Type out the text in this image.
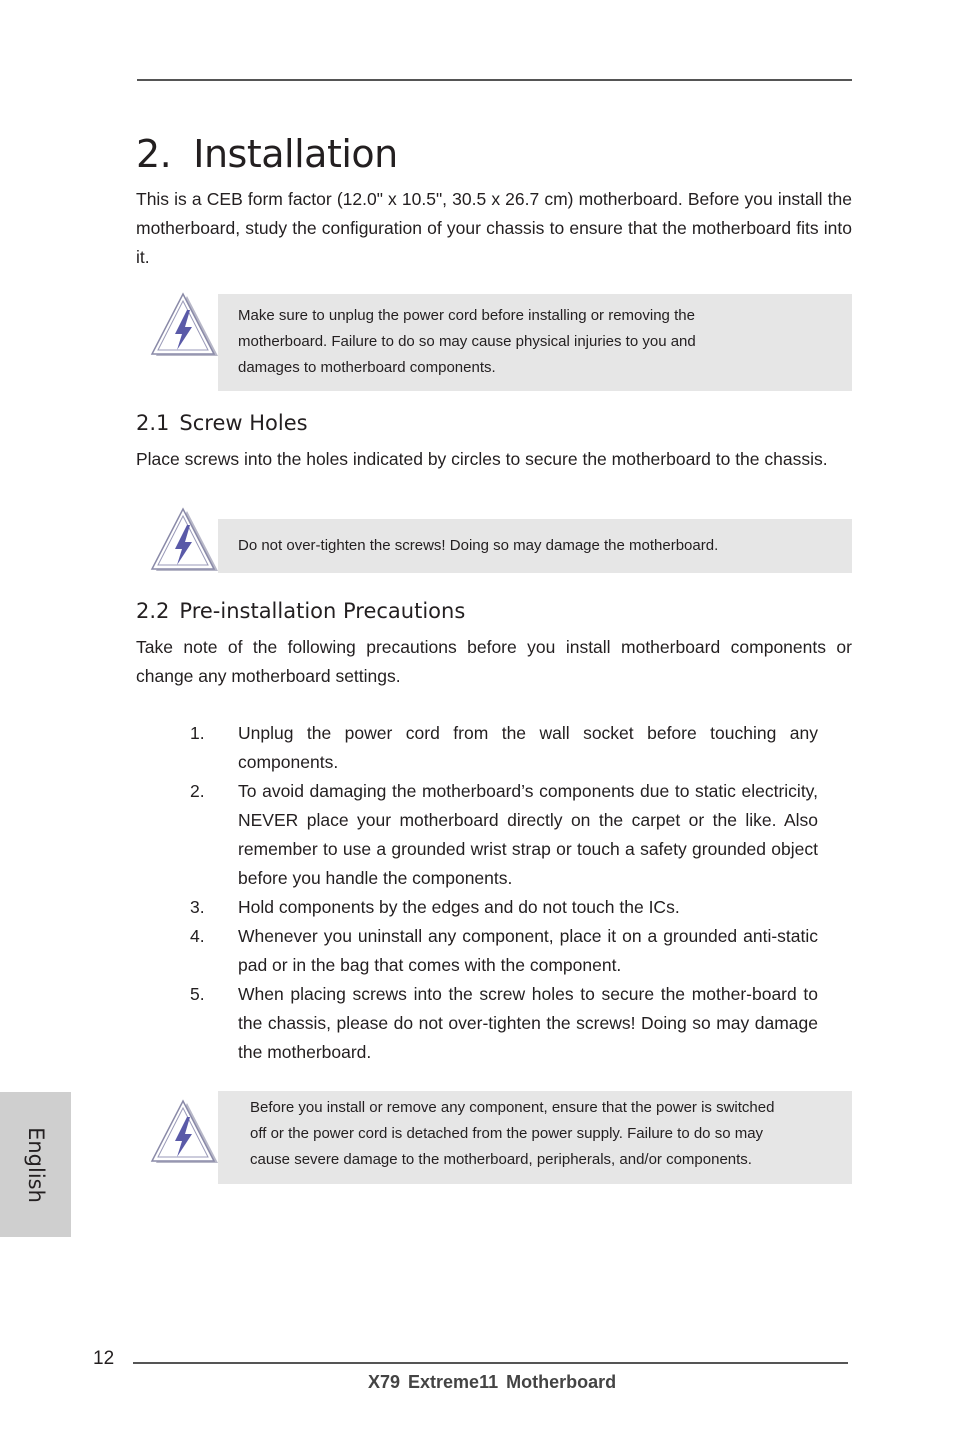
2. Installation

This is a CEB form factor (12.0" x 10.5", 30.5 x 26.7 cm) motherboard. Before you install the motherboard, study the configuration of your chassis to ensure that the motherboard fits into it.

Make sure to unplug the power cord before installing or removing the

motherboard. Failure to do so may cause physical injuries to you and

damages to motherboard components.

2.1 Screw Holes

Place screws into the holes indicated by circles to secure the motherboard to the chassis.

Do not over-tighten the screws! Doing so may damage the motherboard.

2.2 Pre-installation Precautions

Take note of the following precautions before you install motherboard components or change any motherboard settings.

1.	Unplug the power cord from the wall socket before touching any components.
2.	To avoid damaging the motherboard’s components due to static electricity, NEVER place your motherboard directly on the carpet or the like. Also remember to use a grounded wrist strap or touch a safety grounded object before you handle the components.
3.	Hold components by the edges and do not touch the ICs.
4.	Whenever you uninstall any component, place it on a grounded anti-static pad or in the bag that comes with the component.
5.	When placing screws into the screw holes to secure the mother-board to the chassis, please do not over-tighten the screws! Doing so may damage the motherboard.

Before you install or remove any component, ensure that the power is switched

off or the power cord is detached from the power supply. Failure to do so may

cause severe damage to the motherboard, peripherals, and/or components.

English
12
X79 Extreme11 Motherboard
